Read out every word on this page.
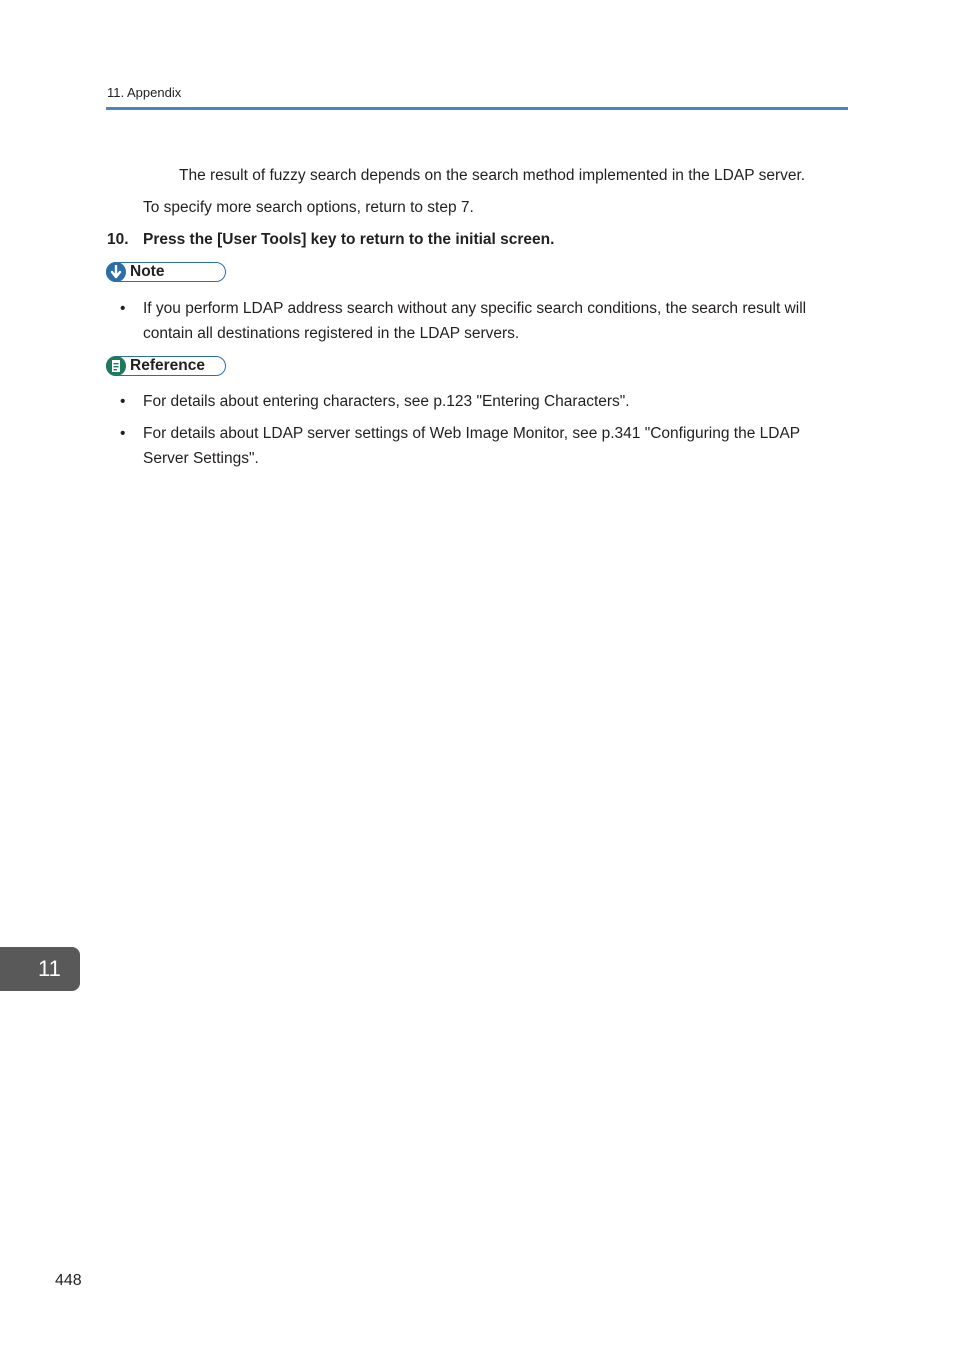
11. Appendix
The result of fuzzy search depends on the search method implemented in the LDAP server.
To specify more search options, return to step 7.
10. Press the [User Tools] key to return to the initial screen.
Note
• If you perform LDAP address search without any specific search conditions, the search result will contain all destinations registered in the LDAP servers.
Reference
• For details about entering characters, see p.123 "Entering Characters".
• For details about LDAP server settings of Web Image Monitor, see p.341 "Configuring the LDAP Server Settings".
11
448
